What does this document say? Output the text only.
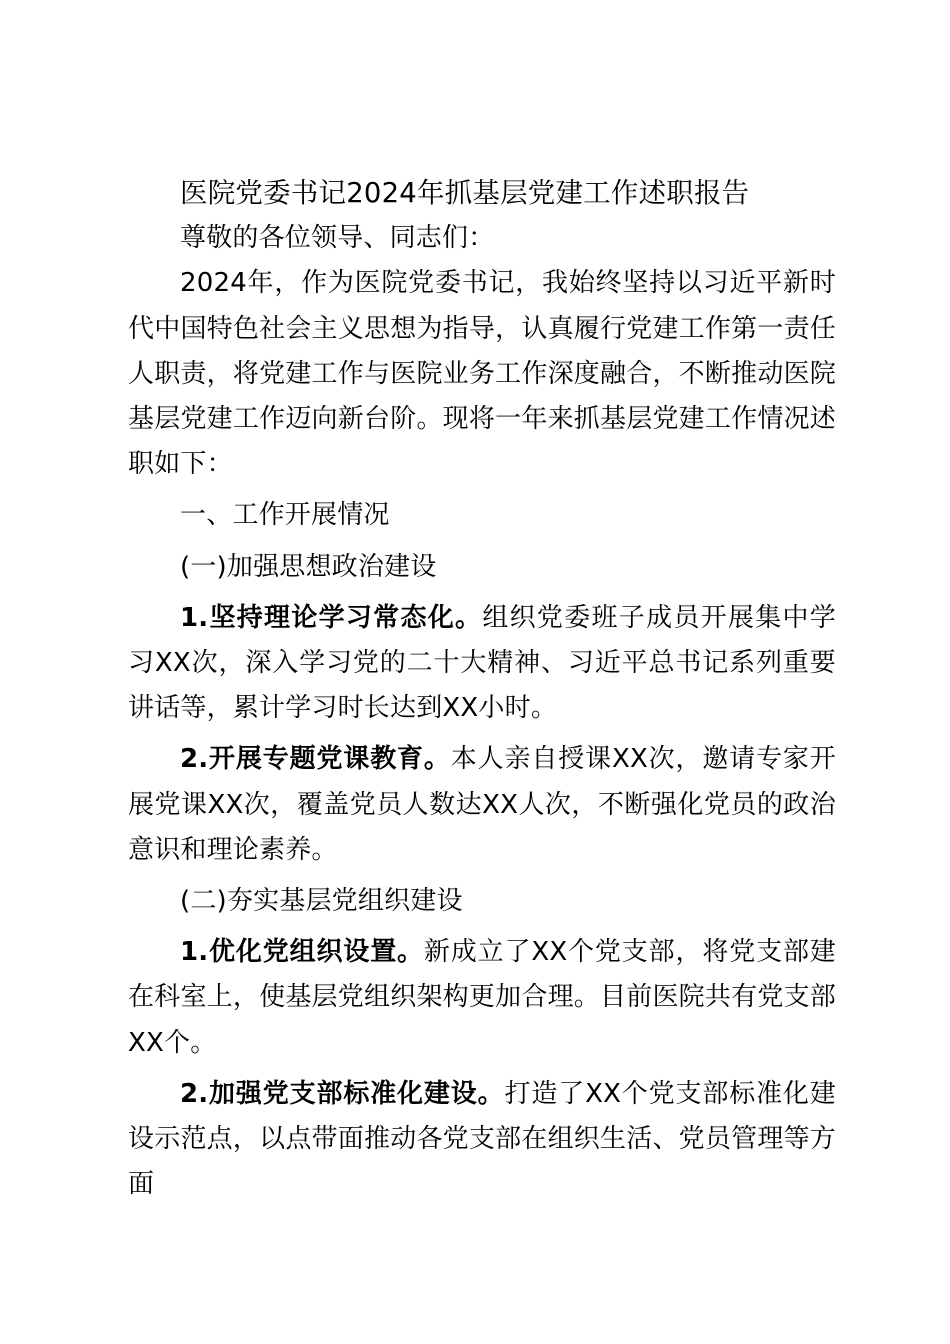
医院党委书记2024年抓基层党建工作述职报告

尊敬的各位领导、同志们：

2024年，作为医院党委书记，我始终坚持以习近平新时代中国特色社会主义思想为指导，认真履行党建工作第一责任人职责，将党建工作与医院业务工作深度融合，不断推动医院基层党建工作迈向新台阶。现将一年来抓基层党建工作情况述职如下：

一、工作开展情况

(一)加强思想政治建设

1.坚持理论学习常态化。组织党委班子成员开展集中学习XX次，深入学习党的二十大精神、习近平总书记系列重要讲话等，累计学习时长达到XX小时。

2.开展专题党课教育。本人亲自授课XX次，邀请专家开展党课XX次，覆盖党员人数达XX人次，不断强化党员的政治意识和理论素养。

(二)夯实基层党组织建设

1.优化党组织设置。新成立了XX个党支部，将党支部建在科室上，使基层党组织架构更加合理。目前医院共有党支部XX个。

2.加强党支部标准化建设。打造了XX个党支部标准化建设示范点，以点带面推动各党支部在组织生活、党员管理等方面
